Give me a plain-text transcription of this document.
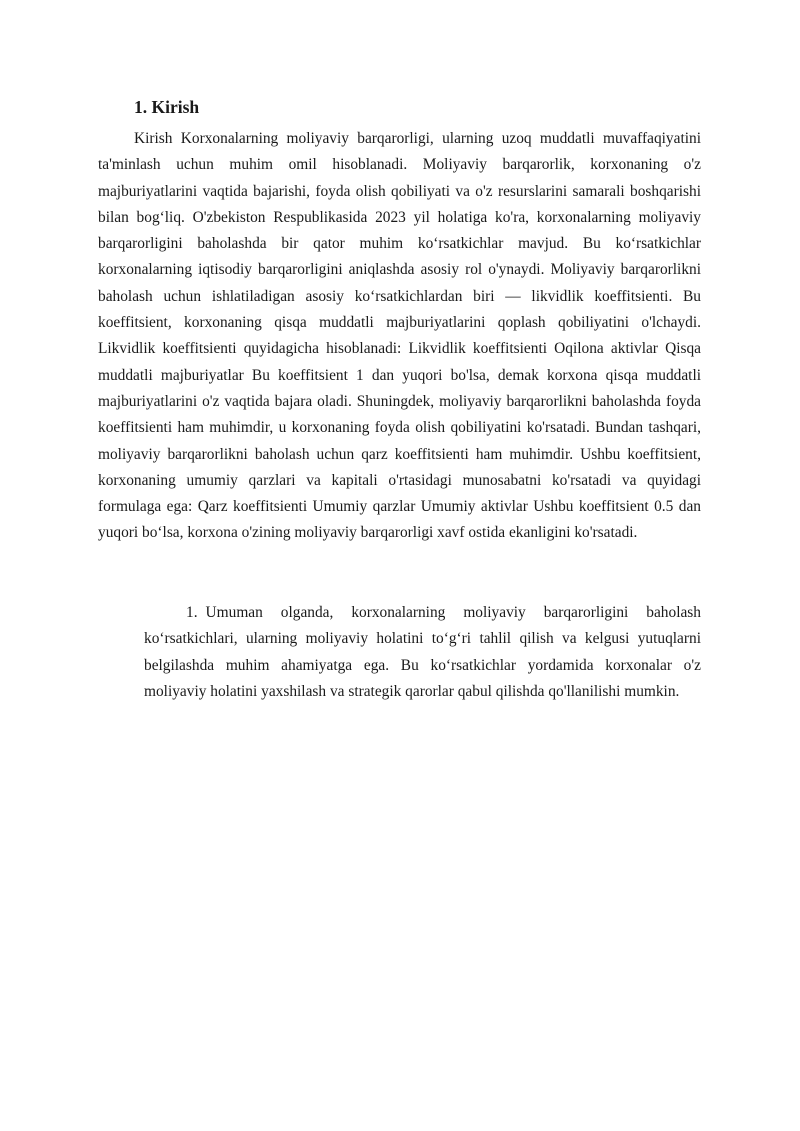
1. Kirish

Kirish Korxonalarning moliyaviy barqarorligi, ularning uzoq muddatli muvaffaqiyatini ta'minlash uchun muhim omil hisoblanadi. Moliyaviy barqarorlik, korxonaning o'z majburiyatlarini vaqtida bajarishi, foyda olish qobiliyati va o'z resurslarini samarali boshqarishi bilan bog‘liq. O'zbekiston Respublikasida 2023 yil holatiga ko'ra, korxonalarning moliyaviy barqarorligini baholashda bir qator muhim ko‘rsatkichlar mavjud. Bu ko‘rsatkichlar korxonalarning iqtisodiy barqarorligini aniqlashda asosiy rol o'ynaydi. Moliyaviy barqarorlikni baholash uchun ishlatiladigan asosiy ko‘rsatkichlardan biri — likvidlik koeffitsienti. Bu koeffitsient, korxonaning qisqa muddatli majburiyatlarini qoplash qobiliyatini o'lchaydi. Likvidlik koeffitsienti quyidagicha hisoblanadi: Likvidlik koeffitsienti Oqilona aktivlar Qisqa muddatli majburiyatlar Bu koeffitsient 1 dan yuqori bo'lsa, demak korxona qisqa muddatli majburiyatlarini o'z vaqtida bajara oladi. Shuningdek, moliyaviy barqarorlikni baholashda foyda koeffitsienti ham muhimdir, u korxonaning foyda olish qobiliyatini ko'rsatadi. Bundan tashqari, moliyaviy barqarorlikni baholash uchun qarz koeffitsienti ham muhimdir. Ushbu koeffitsient, korxonaning umumiy qarzlari va kapitali o'rtasidagi munosabatni ko'rsatadi va quyidagi formulaga ega: Qarz koeffitsienti Umumiy qarzlar Umumiy aktivlar Ushbu koeffitsient 0.5 dan yuqori bo‘lsa, korxona o'zining moliyaviy barqarorligi xavf ostida ekanligini ko'rsatadi.

1. Umuman olganda, korxonalarning moliyaviy barqarorligini baholash ko‘rsatkichlari, ularning moliyaviy holatini to‘g‘ri tahlil qilish va kelgusi yutuqlarni belgilashda muhim ahamiyatga ega. Bu ko‘rsatkichlar yordamida korxonalar o'z moliyaviy holatini yaxshilash va strategik qarorlar qabul qilishda qo'llanilishi mumkin.
